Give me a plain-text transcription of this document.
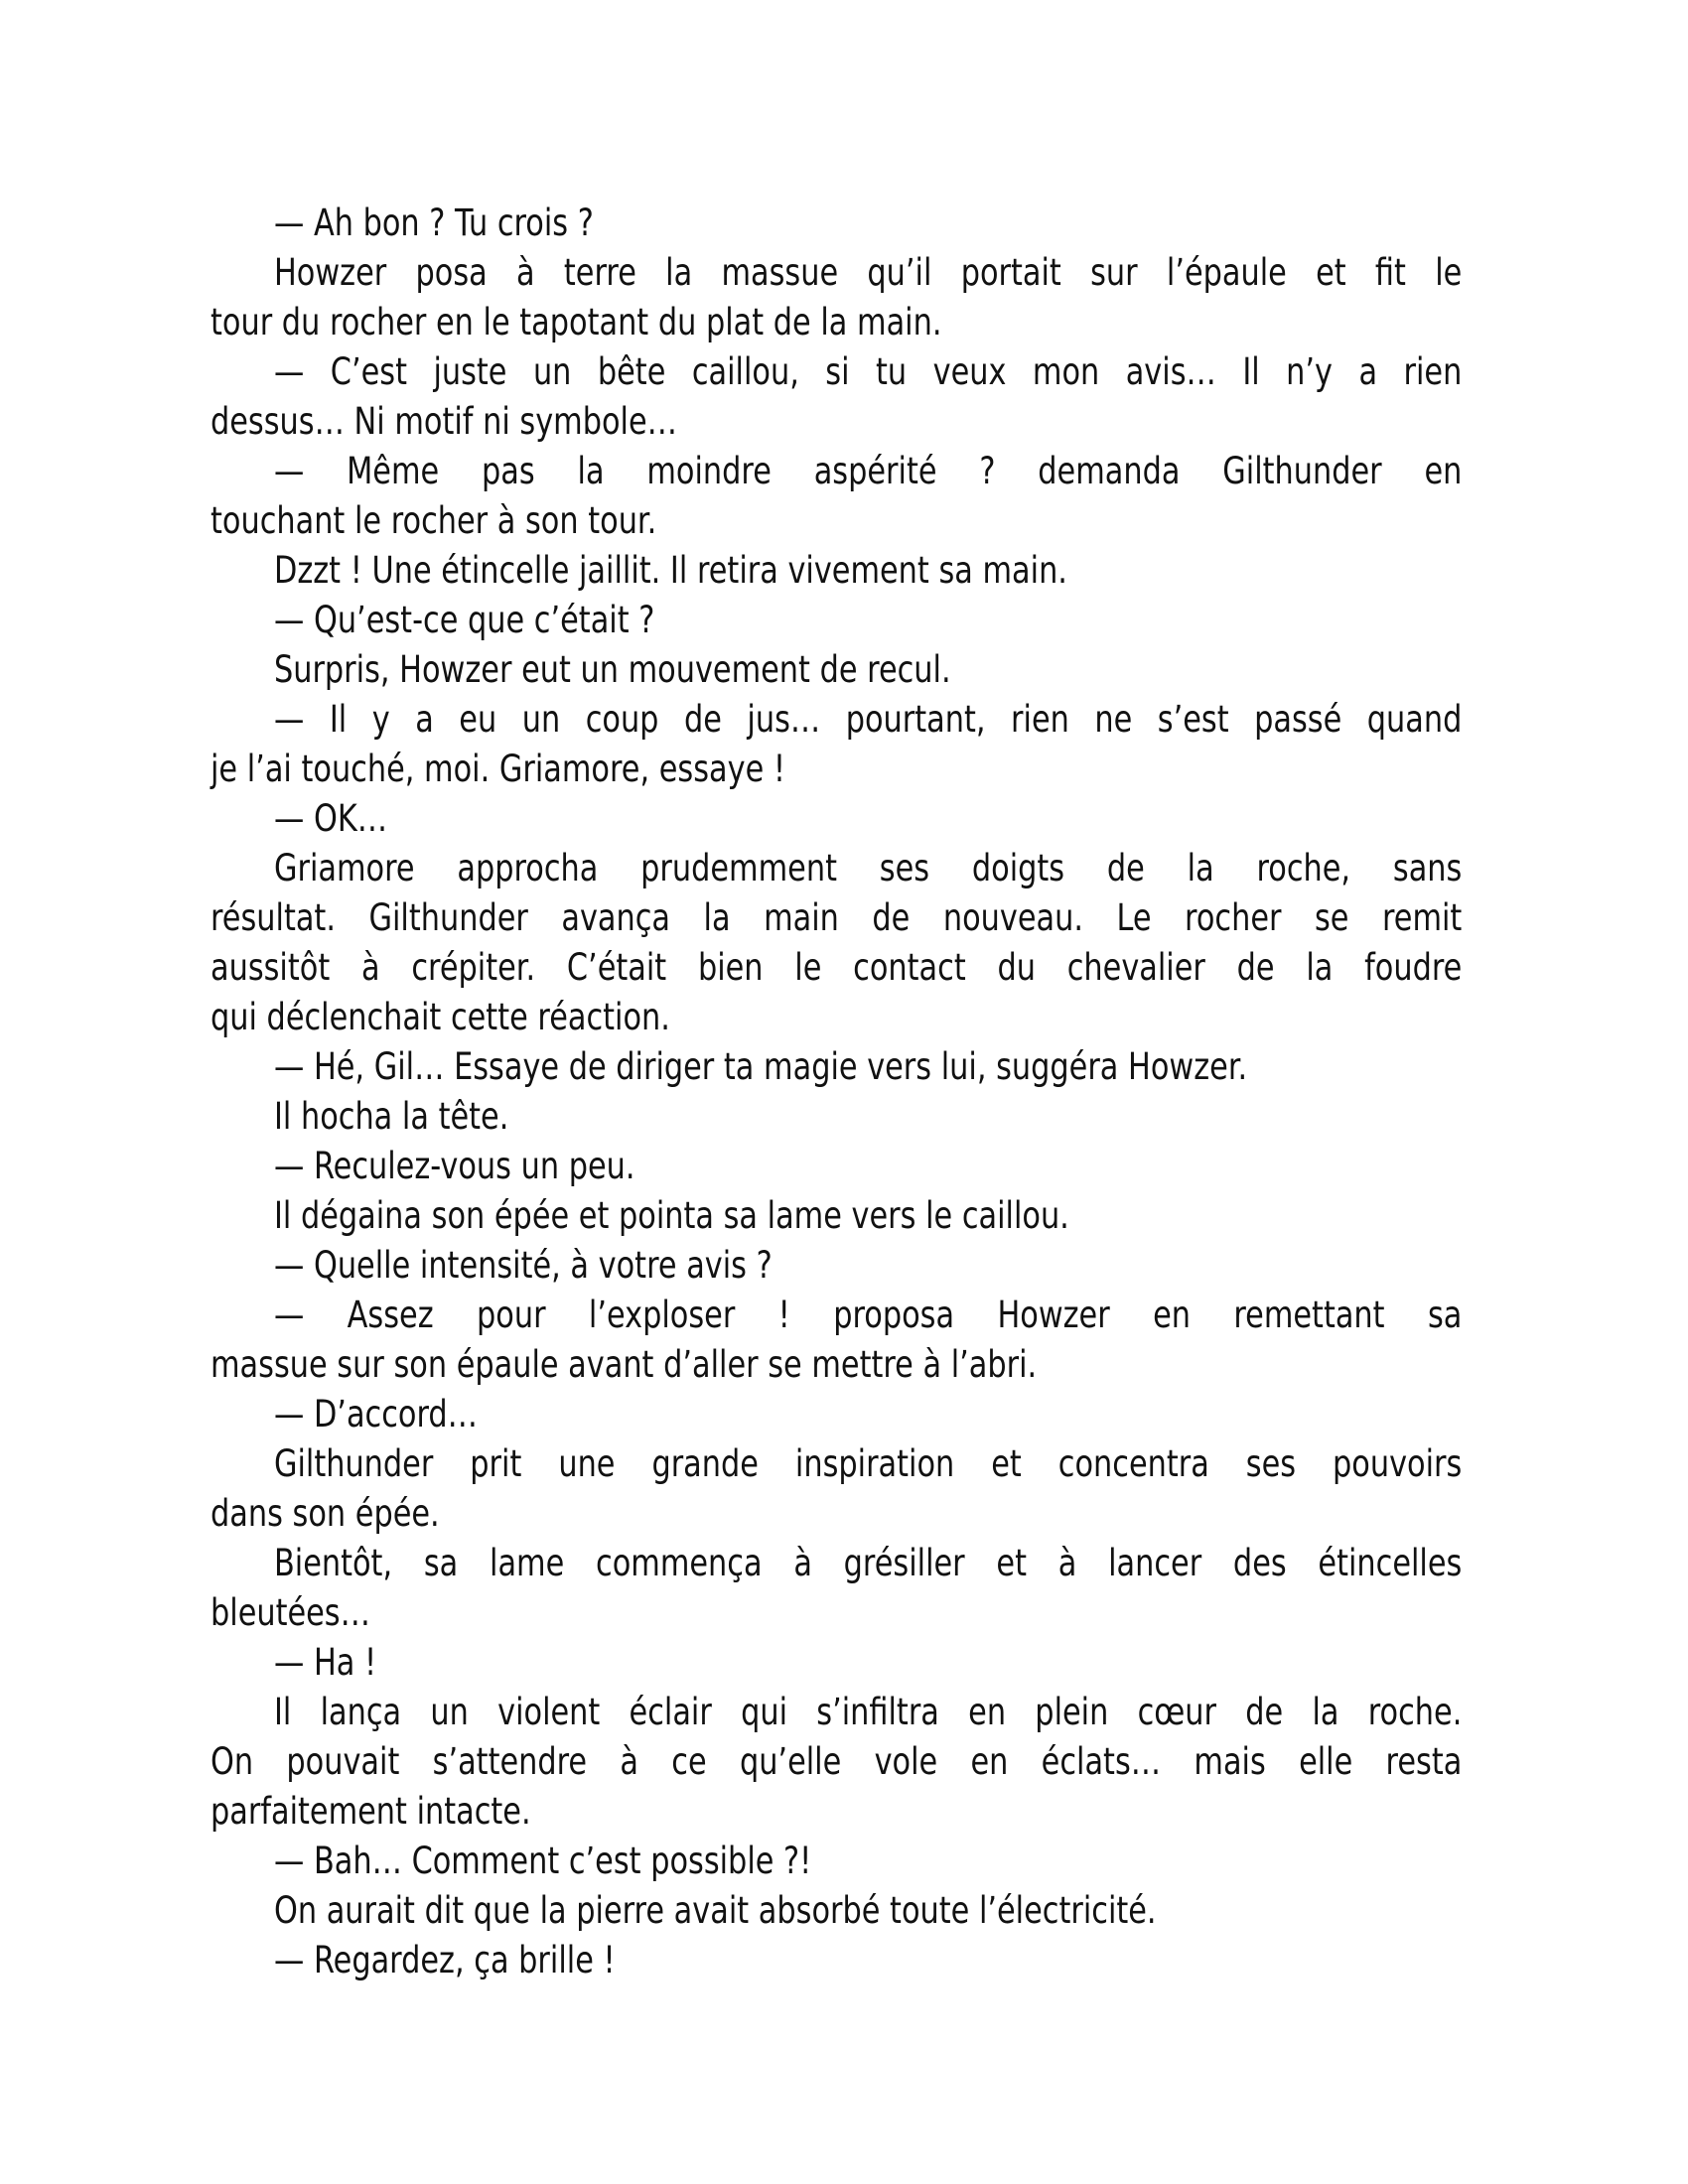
— Ah bon ? Tu crois ?
Howzer posa à terre la massue qu’il portait sur l’épaule et fit le
tour du rocher en le tapotant du plat de la main.
— C’est juste un bête caillou, si tu veux mon avis… Il n’y a rien
dessus… Ni motif ni symbole…
— Même pas la moindre aspérité ? demanda Gilthunder en
touchant le rocher à son tour.
Dzzt ! Une étincelle jaillit. Il retira vivement sa main.
— Qu’est-ce que c’était ?
Surpris, Howzer eut un mouvement de recul.
— Il y a eu un coup de jus… pourtant, rien ne s’est passé quand
je l’ai touché, moi. Griamore, essaye !
— OK…
Griamore approcha prudemment ses doigts de la roche, sans
résultat. Gilthunder avança la main de nouveau. Le rocher se remit
aussitôt à crépiter. C’était bien le contact du chevalier de la foudre
qui déclenchait cette réaction.
— Hé, Gil… Essaye de diriger ta magie vers lui, suggéra Howzer.
Il hocha la tête.
— Reculez-vous un peu.
Il dégaina son épée et pointa sa lame vers le caillou.
— Quelle intensité, à votre avis ?
— Assez pour l’exploser ! proposa Howzer en remettant sa
massue sur son épaule avant d’aller se mettre à l’abri.
— D’accord…
Gilthunder prit une grande inspiration et concentra ses pouvoirs
dans son épée.
Bientôt, sa lame commença à grésiller et à lancer des étincelles
bleutées…
— Ha !
Il lança un violent éclair qui s’infiltra en plein cœur de la roche.
On pouvait s’attendre à ce qu’elle vole en éclats… mais elle resta
parfaitement intacte.
— Bah… Comment c’est possible ?!
On aurait dit que la pierre avait absorbé toute l’électricité.
— Regardez, ça brille !
